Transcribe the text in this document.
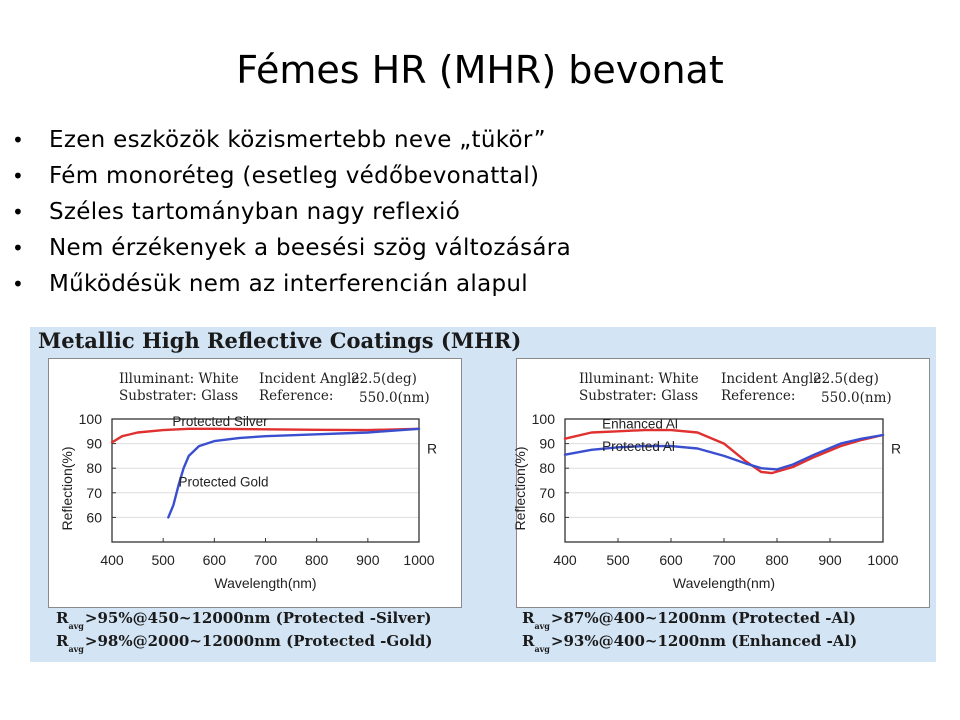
Fémes HR (MHR) bevonat
• Ezen eszközök közismertebb neve „tükör”
• Fém monoréteg (esetleg védőbevonattal)
• Széles tartományban nagy reflexió
• Nem érzékenyek a beesési szög változására
• Működésük nem az interferencián alapul
Metallic High Reflective Coatings (MHR)
Illuminant: White
Substrater: Glass
Incident Angle:
22.5(deg)
Reference: 550.0(nm)
100
90
80
70
60
400 500 600 700 800 900 1000
Wavelength(nm)
Reflection(%)	R
Protected Silver
Protected Gold
Illuminant: White
Substrater: Glass
Incident Angle:
22.5(deg)
Reference: 550.0(nm)
100
90
80
70
60
400 500 600 700 800 900 1000
Wavelength(nm)
Reflection(%)	R
Enhanced Al
Protected Al
$R_{avg}>95\%@450\sim 12000nm$ (Protected -Silver)
$R_{avg}>98\%@2000\sim 12000nm$ (Protected -Gold)
$R_{avg}>87\%@400\sim 1200nm$ (Protected -Al)
$R_{avg}>93\%@400\sim 1200nm$ (Enhanced -Al)
